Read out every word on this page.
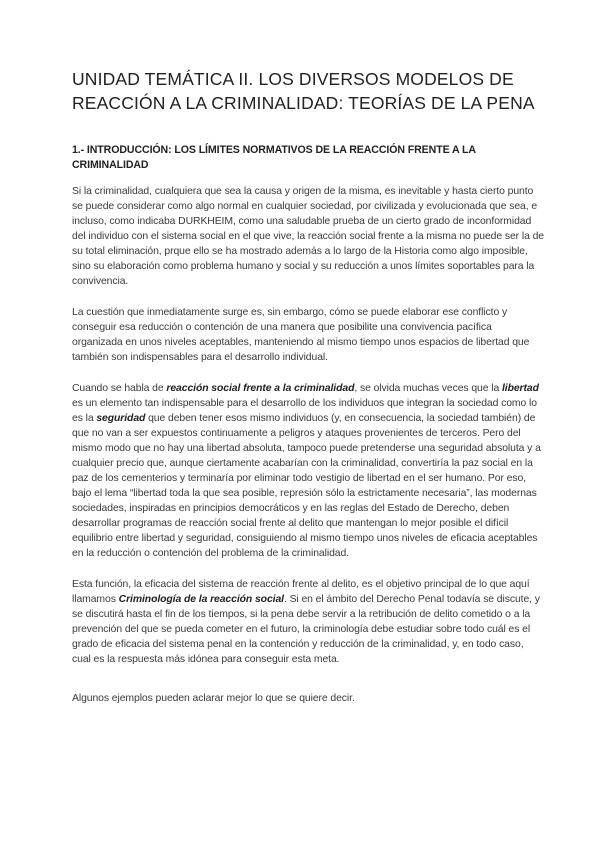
UNIDAD TEMÁTICA II. LOS DIVERSOS MODELOS DE REACCIÓN A LA CRIMINALIDAD: TEORÍAS DE LA PENA
1.- INTRODUCCIÓN: LOS LÍMITES NORMATIVOS DE LA REACCIÓN FRENTE A LA CRIMINALIDAD

Si la criminalidad, cualquiera que sea la causa y origen de la misma, es inevitable y hasta cierto punto se puede considerar como algo normal en cualquier sociedad, por civilizada y evolucionada que sea, e incluso, como indicaba DURKHEIM, como una saludable prueba de un cierto grado de inconformidad del individuo con el sistema social en el que vive, la reacción social frente a la misma no puede ser la de su total eliminación, prque ello se ha mostrado además a lo largo de la Historia como algo imposible, sino su elaboración como problema humano y social y su reducción a unos límites soportables para la convivencia.

La cuestión que inmediatamente surge es, sin embargo, cómo se puede elaborar ese conflicto y conseguir esa reducción o contención de una manera que posibilite una convivencia pacífica organizada en unos niveles aceptables, manteniendo al mismo tiempo unos espacios de libertad que también son indispensables para el desarrollo individual.

Cuando se habla de reacción social frente a la criminalidad, se olvida muchas veces que la libertad es un elemento tan indispensable para el desarrollo de los individuos que integran la sociedad como lo es la seguridad que deben tener esos mismo individuos (y, en consecuencia, la sociedad también) de que no van a ser expuestos continuamente a peligros y ataques provenientes de terceros. Pero del mismo modo que no hay una libertad absoluta, tampoco puede pretenderse una seguridad absoluta y a cualquier precio que, aunque ciertamente acabarían con la criminalidad, convertiría la paz social en la paz de los cementerios y terminaría por eliminar todo vestigio de libertad en el ser humano. Por eso, bajo el lema “libertad toda la que sea posible, represión sólo la estrictamente necesaria”, las modernas sociedades, inspiradas en principios democráticos y en las reglas del Estado de Derecho, deben desarrollar programas de reacción social frente al delito que mantengan lo mejor posible el difícil equilibrio entre libertad y seguridad, consiguiendo al mismo tiempo unos niveles de eficacia aceptables en la reducción o contención del problema de la criminalidad.

Esta función, la eficacia del sistema de reacción frente al delito, es el objetivo principal de lo que aquí llamamos Criminología de la reacción social. Si en el ámbito del Derecho Penal todavía se discute, y se discutirá hasta el fin de los tiempos, si la pena debe servir a la retribución de delito cometido o a la prevención del que se pueda cometer en el futuro, la criminología debe estudiar sobre todo cuál es el grado de eficacia del sistema penal en la contención y reducción de la criminalidad, y, en todo caso, cual es la respuesta más idónea para conseguir esta meta.

Algunos ejemplos pueden aclarar mejor lo que se quiere decir.
